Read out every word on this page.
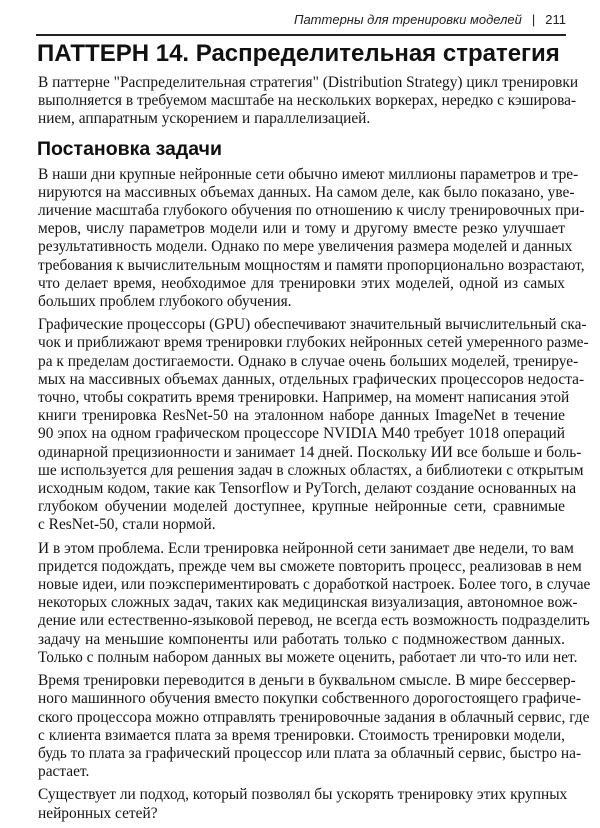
Паттерны для тренировки моделей | 211
ПАТТЕРН 14. Распределительная стратегия
В паттерне "Распределительная стратегия" (Distribution Strategy) цикл тренировки
выполняется в требуемом масштабе на нескольких воркерах, нередко с кэширова-
нием, аппаратным ускорением и параллелизацией.
Постановка задачи
В наши дни крупные нейронные сети обычно имеют миллионы параметров и тре-
нируются на массивных объемах данных. На самом деле, как было показано, уве-
личение масштаба глубокого обучения по отношению к числу тренировочных при-
меров, числу параметров модели или и тому и другому вместе резко улучшает
результативность модели. Однако по мере увеличения размера моделей и данных
требования к вычислительным мощностям и памяти пропорционально возрастают,
что делает время, необходимое для тренировки этих моделей, одной из самых
больших проблем глубокого обучения.
Графические процессоры (GPU) обеспечивают значительный вычислительный ска-
чок и приближают время тренировки глубоких нейронных сетей умеренного разме-
ра к пределам достигаемости. Однако в случае очень больших моделей, тренируе-
мых на массивных объемах данных, отдельных графических процессоров недоста-
точно, чтобы сократить время тренировки. Например, на момент написания этой
книги тренировка ResNet-50 на эталонном наборе данных ImageNet в течение
90 эпох на одном графическом процессоре NVIDIA M40 требует 1018 операций
одинарной прецизионности и занимает 14 дней. Поскольку ИИ все больше и боль-
ше используется для решения задач в сложных областях, а библиотеки с открытым
исходным кодом, такие как Tensorflow и PyTorch, делают создание основанных на
глубоком обучении моделей доступнее, крупные нейронные сети, сравнимые
с ResNet-50, стали нормой.
И в этом проблема. Если тренировка нейронной сети занимает две недели, то вам
придется подождать, прежде чем вы сможете повторить процесс, реализовав в нем
новые идеи, или поэкспериментировать с доработкой настроек. Более того, в случае
некоторых сложных задач, таких как медицинская визуализация, автономное вож-
дение или естественно-языковой перевод, не всегда есть возможность подразделить
задачу на меньшие компоненты или работать только с подмножеством данных.
Только с полным набором данных вы можете оценить, работает ли что-то или нет.
Время тренировки переводится в деньги в буквальном смысле. В мире бессервер-
ного машинного обучения вместо покупки собственного дорогостоящего графиче-
ского процессора можно отправлять тренировочные задания в облачный сервис, где
с клиента взимается плата за время тренировки. Стоимость тренировки модели,
будь то плата за графический процессор или плата за облачный сервис, быстро на-
растает.
Существует ли подход, который позволял бы ускорять тренировку этих крупных
нейронных сетей?
